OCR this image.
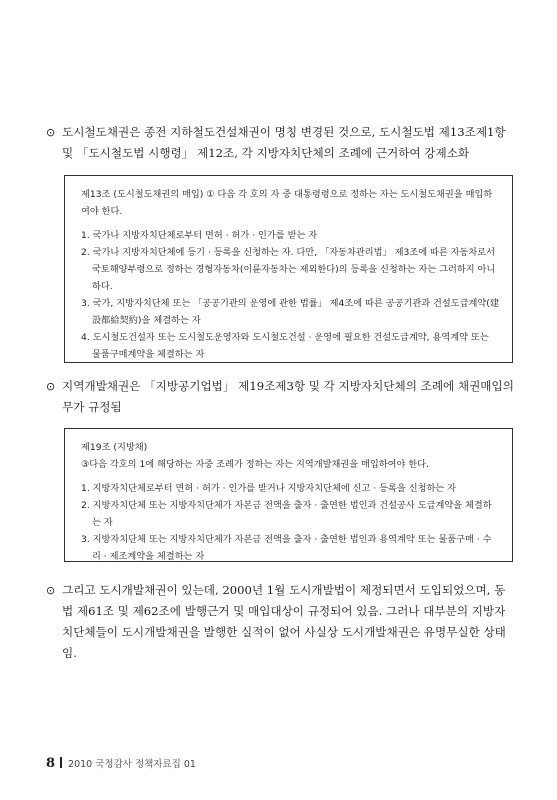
⊙ 도시철도채권은 종전 지하철도건설채권이 명칭 변경된 것으로, 도시철도법 제13조제1항 및 「도시철도법 시행령」 제12조, 각 지방자치단체의 조례에 근거하여 강제소화

제13조 (도시철도채권의 매입) ① 다음 각 호의 자 중 대통령령으로 정하는 자는 도시철도채권을 매입하여야 한다.

1. 국가나 지방자치단체로부터 면허 · 허가 · 인가를 받는 자

2. 국가나 지방자치단체에 등기 · 등록을 신청하는 자. 다만, 「자동차관리법」 제3조에 따른 자동차로서 국토해양부령으로 정하는 경형자동차(이륜자동차는 제외한다)의 등록을 신청하는 자는 그러하지 아니하다.

3. 국가, 지방자치단체 또는 「공공기관의 운영에 관한 법률」 제4조에 따른 공공기관과 건설도급계약(建設都給契約)을 체결하는 자

4. 도시철도건설자 또는 도시철도운영자와 도시철도건설 · 운영에 필요한 건설도급계약, 용역계약 또는 물품구매계약을 체결하는 자

⊙ 지역개발채권은 「지방공기업법」 제19조제3항 및 각 지방자치단체의 조례에 채권매입의무가 규정됨

제19조 (지방채)

③다음 각호의 1에 해당하는 자중 조례가 정하는 자는 지역개발채권을 매입하여야 한다.

1. 지방자치단체로부터 면허 · 허가 · 인가를 받거나 지방자치단체에 신고 · 등록을 신청하는 자

2. 지방자치단체 또는 지방자치단체가 자본금 전액을 출자 · 출연한 법인과 건설공사 도급계약을 체결하는 자

3. 지방자치단체 또는 지방자치단체가 자본금 전액을 출자 · 출연한 법인과 용역계약 또는 물품구매 · 수리 · 제조계약을 체결하는 자

⊙ 그리고 도시개발채권이 있는데, 2000년 1월 도시개발법이 제정되면서 도입되었으며, 동 법 제61조 및 제62조에 발행근거 및 매입대상이 규정되어 있음. 그러나 대부분의 지방자치단체들이 도시개발채권을 발행한 실적이 없어 사실상 도시개발채권은 유명무실한 상태임.
8 2010 국정감사 정책자료집 01
